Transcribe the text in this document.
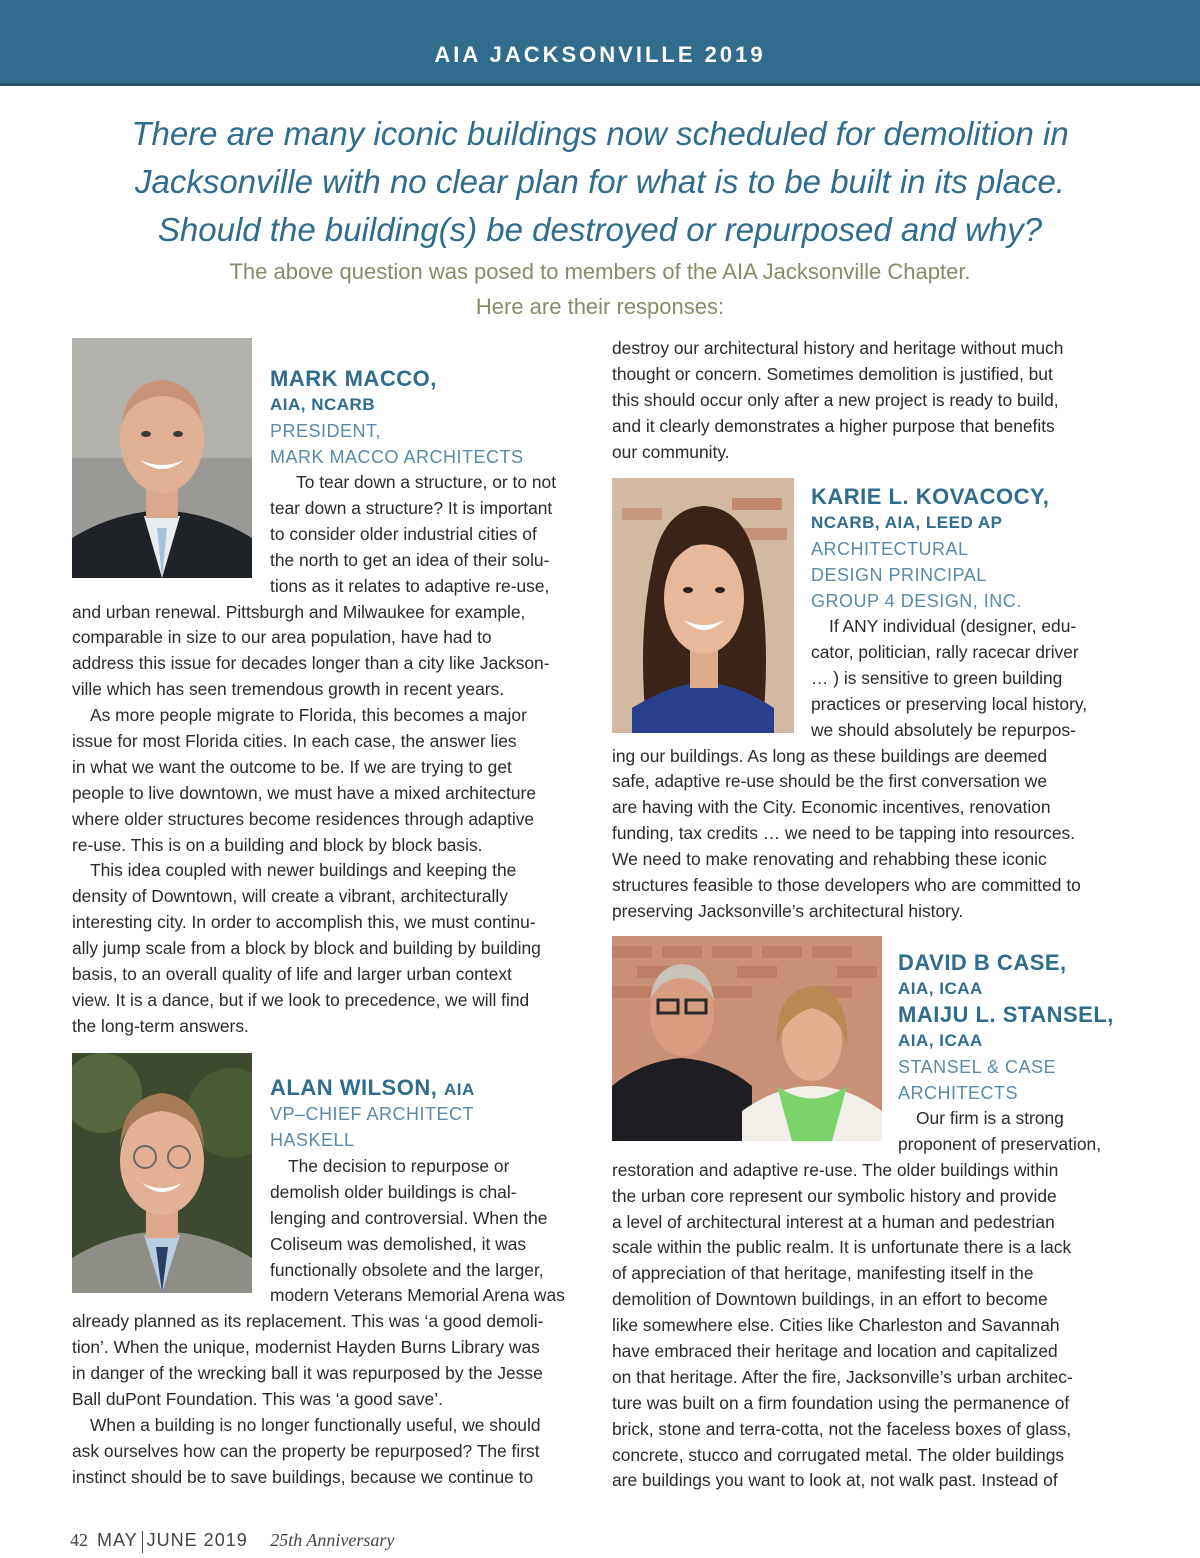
AIA JACKSONVILLE 2019
There are many iconic buildings now scheduled for demolition in
Jacksonville with no clear plan for what is to be built in its place.
Should the building(s) be destroyed or repurposed and why?
The above question was posed to members of the AIA Jacksonville Chapter.
Here are their responses:
MARK MACCO,
AIA, NCARB
PRESIDENT,
MARK MACCO ARCHITECTS
To tear down a structure, or to not
tear down a structure? It is important
to consider older industrial cities of
the north to get an idea of their solu-
tions as it relates to adaptive re-use,
and urban renewal. Pittsburgh and Milwaukee for example,
comparable in size to our area population, have had to
address this issue for decades longer than a city like Jackson-
ville which has seen tremendous growth in recent years.
As more people migrate to Florida, this becomes a major
issue for most Florida cities. In each case, the answer lies
in what we want the outcome to be. If we are trying to get
people to live downtown, we must have a mixed architecture
where older structures become residences through adaptive
re-use. This is on a building and block by block basis.
This idea coupled with newer buildings and keeping the
density of Downtown, will create a vibrant, architecturally
interesting city. In order to accomplish this, we must continu-
ally jump scale from a block by block and building by building
basis, to an overall quality of life and larger urban context
view. It is a dance, but if we look to precedence, we will find
the long-term answers.
ALAN WILSON, AIA
VP–CHIEF ARCHITECT
HASKELL
The decision to repurpose or
demolish older buildings is chal-
lenging and controversial. When the
Coliseum was demolished, it was
functionally obsolete and the larger,
modern Veterans Memorial Arena was
already planned as its replacement. This was ‘a good demoli-
tion’. When the unique, modernist Hayden Burns Library was
in danger of the wrecking ball it was repurposed by the Jesse
Ball duPont Foundation. This was ‘a good save’.
When a building is no longer functionally useful, we should
ask ourselves how can the property be repurposed? The first
instinct should be to save buildings, because we continue to
destroy our architectural history and heritage without much
thought or concern. Sometimes demolition is justified, but
this should occur only after a new project is ready to build,
and it clearly demonstrates a higher purpose that benefits
our community.
KARIE L. KOVACOCY,
NCARB, AIA, LEED AP
ARCHITECTURAL
DESIGN PRINCIPAL
GROUP 4 DESIGN, INC.
If ANY individual (designer, edu-
cator, politician, rally racecar driver
… ) is sensitive to green building
practices or preserving local history,
we should absolutely be repurpos-
ing our buildings. As long as these buildings are deemed
safe, adaptive re-use should be the first conversation we
are having with the City. Economic incentives, renovation
funding, tax credits … we need to be tapping into resources.
We need to make renovating and rehabbing these iconic
structures feasible to those developers who are committed to
preserving Jacksonville’s architectural history.
DAVID B CASE,
AIA, ICAA
MAIJU L. STANSEL,
AIA, ICAA
STANSEL & CASE
ARCHITECTS
Our firm is a strong
proponent of preservation,
restoration and adaptive re-use. The older buildings within
the urban core represent our symbolic history and provide
a level of architectural interest at a human and pedestrian
scale within the public realm. It is unfortunate there is a lack
of appreciation of that heritage, manifesting itself in the
demolition of Downtown buildings, in an effort to become
like somewhere else. Cities like Charleston and Savannah
have embraced their heritage and location and capitalized
on that heritage. After the fire, Jacksonville’s urban architec-
ture was built on a firm foundation using the permanence of
brick, stone and terra-cotta, not the faceless boxes of glass,
concrete, stucco and corrugated metal. The older buildings
are buildings you want to look at, not walk past. Instead of
42 MAY JUNE 2019 25th Anniversary
